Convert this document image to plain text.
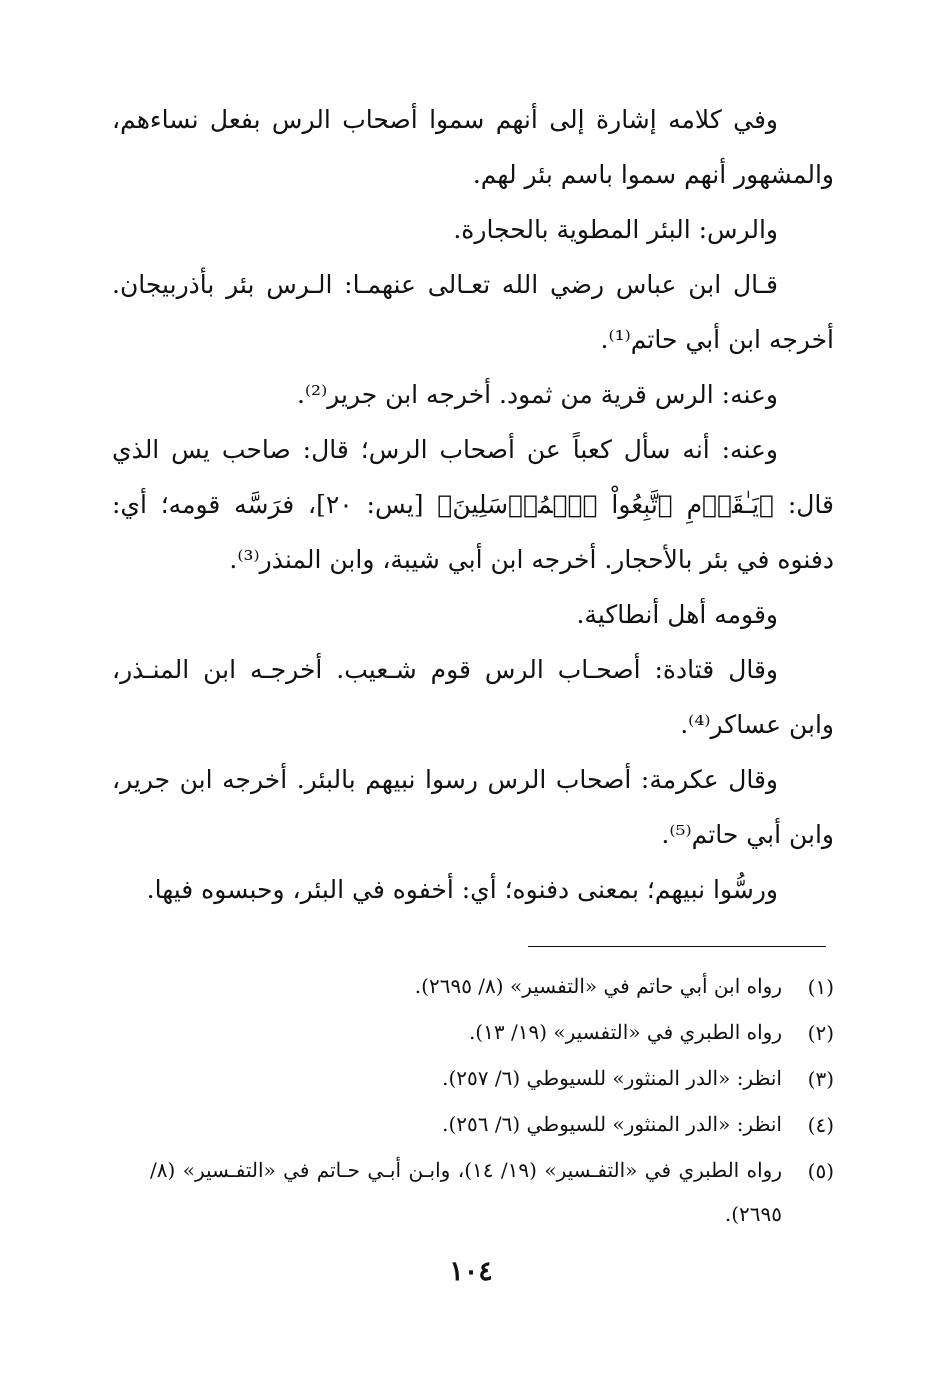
وفي كلامه إشارة إلى أنهم سموا أصحاب الرس بفعل نساءهم، والمشهور أنهم سموا باسم بئر لهم.

والرس: البئر المطوية بالحجارة.

قـال ابن عباس رضي الله تعـالى عنهمـا: الـرس بئر بأذربيجان. أخرجه ابن أبي حاتم⁽¹⁾.

وعنه: الرس قرية من ثمود. أخرجه ابن جرير⁽²⁾.

وعنه: أنه سأل كعباً عن أصحاب الرس؛ قال: صاحب يس الذي قال: ﴿يَـٰقَوۡمِ ٱتَّبِعُواْ ٱلۡمُرۡسَلِينَ﴾ [يس: ٢٠]، فرَسَّه قومه؛ أي: دفنوه في بئر بالأحجار. أخرجه ابن أبي شيبة، وابن المنذر⁽³⁾.

وقومه أهل أنطاكية.

وقال قتادة: أصحـاب الرس قوم شـعيب. أخرجـه ابن المنـذر، وابن عساكر⁽⁴⁾.

وقال عكرمة: أصحاب الرس رسوا نبيهم بالبئر. أخرجه ابن جرير، وابن أبي حاتم⁽⁵⁾.

ورسُّوا نبيهم؛ بمعنى دفنوه؛ أي: أخفوه في البئر، وحبسوه فيها.

(١)
رواه ابن أبي حاتم في «التفسير» (٨/ ٢٦٩٥).
(٢)
رواه الطبري في «التفسير» (١٩/ ١٣).
(٣)
انظر: «الدر المنثور» للسيوطي (٦/ ٢٥٧).
(٤)
انظر: «الدر المنثور» للسيوطي (٦/ ٢٥٦).
(٥)
رواه الطبري في «التفـسير» (١٩/ ١٤)، وابـن أبـي حـاتم في «التفـسير» (٨/ ٢٦٩٥).
١٠٤
